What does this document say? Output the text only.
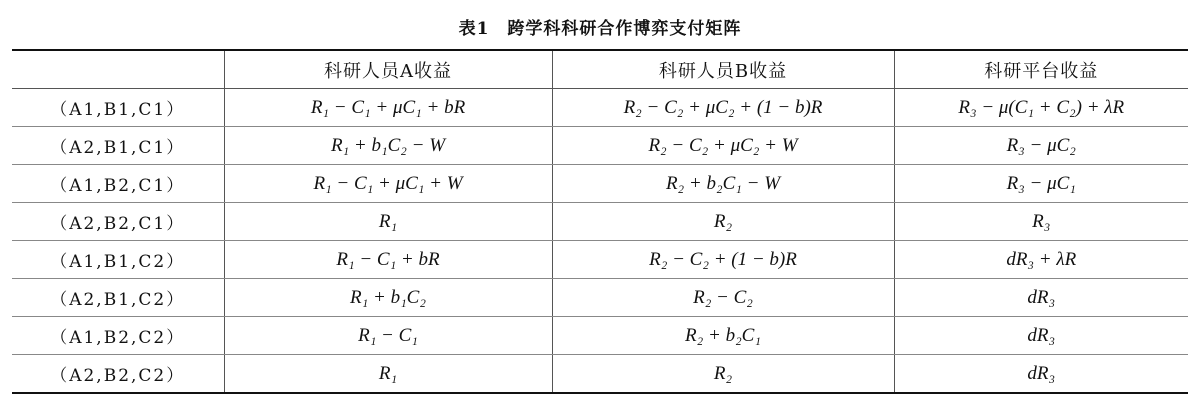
表1 跨学科科研合作博弈支付矩阵
	科研人员A收益	科研人员B收益	科研平台收益
（A1,B1,C1）	R₁ − C₁ + μC₁ + bR	R₂ − C₂ + μC₂ + (1 − b)R	R₃ − μ(C₁ + C₂) + λR
（A2,B1,C1）	R₁ + b₁C₂ − W	R₂ − C₂ + μC₂ + W	R₃ − μC₂
（A1,B2,C1）	R₁ − C₁ + μC₁ + W	R₂ + b₂C₁ − W	R₃ − μC₁
（A2,B2,C1）	R₁	R₂	R₃
（A1,B1,C2）	R₁ − C₁ + bR	R₂ − C₂ + (1 − b)R	dR₃ + λR
（A2,B1,C2）	R₁ + b₁C₂	R₂ − C₂	dR₃
（A1,B2,C2）	R₁ − C₁	R₂ + b₂C₁	dR₃
（A2,B2,C2）	R₁	R₂	dR₃
